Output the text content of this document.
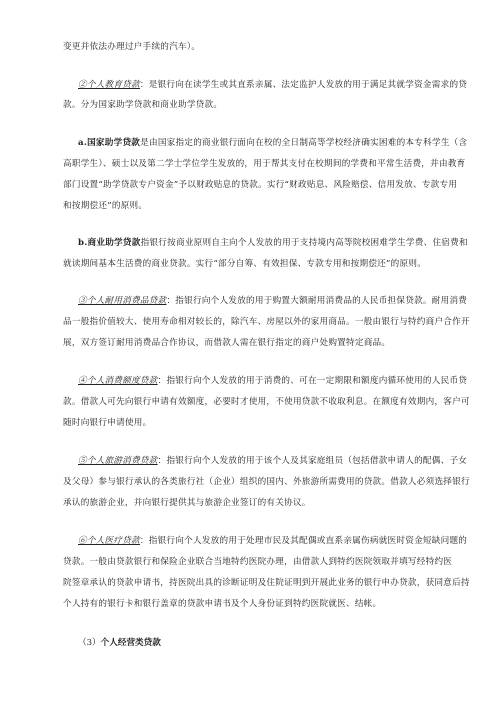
变更并依法办理过户手续的汽车）。
②个人教育贷款：是银行向在读学生或其直系亲属、法定监护人发放的用于满足其就学资金需求的贷
款。分为国家助学贷款和商业助学贷款。
a.国家助学贷款是由国家指定的商业银行面向在校的全日制高等学校经济确实困难的本专科学生（含
高职学生）、硕士以及第二学士学位学生发放的，用于帮其支付在校期间的学费和平常生活费，并由教育
部门设置“助学贷款专户资金”予以财政贴息的贷款。实行“财政贴息、风险赔偿、信用发放、专款专用
和按期偿还”的原则。
b.商业助学贷款指银行按商业原则自主向个人发放的用于支持境内高等院校困难学生学费、住宿费和
就读期间基本生活费的商业贷款。实行“部分自筹、有效担保、专款专用和按期偿还”的原则。
③个人耐用消费品贷款：指银行向个人发放的用于购置大额耐用消费品的人民币担保贷款。耐用消费
品一般指价值较大、使用寿命相对较长的，除汽车、房屋以外的家用商品。一般由银行与特约商户合作开
展，双方签订耐用消费品合作协议，而借款人需在银行指定的商户处购置特定商品。
④个人消费额度贷款：指银行向个人发放的用于消费的、可在一定期限和额度内循环使用的人民币贷
款。借款人可先向银行申请有效额度，必要时才使用，不使用贷款不收取利息。在额度有效期内，客户可
随时向银行申请使用。
⑤个人旅游消费贷款：指银行向个人发放的用于该个人及其家庭组员（包括借款申请人的配偶、子女
及父母）参与银行承认的各类旅行社（企业）组织的国内、外旅游所需费用的贷款。借款人必须选择银行
承认的旅游企业，并向银行提供其与旅游企业签订的有关协议。
⑥个人医疗贷款：指银行向个人发放的用于处理市民及其配偶或直系亲属伤病就医时资金短缺问题的
贷款。一般由贷款银行和保险企业联合当地特约医院办理，由借款人到特约医院领取并填写经特约医
院签章承认的贷款申请书，持医院出具的诊断证明及住院证明到开展此业务的银行申办贷款，获同意后持
个人持有的银行卡和银行盖章的贷款申请书及个人身份证到特约医院就医、结帐。
（3）个人经营类贷款
